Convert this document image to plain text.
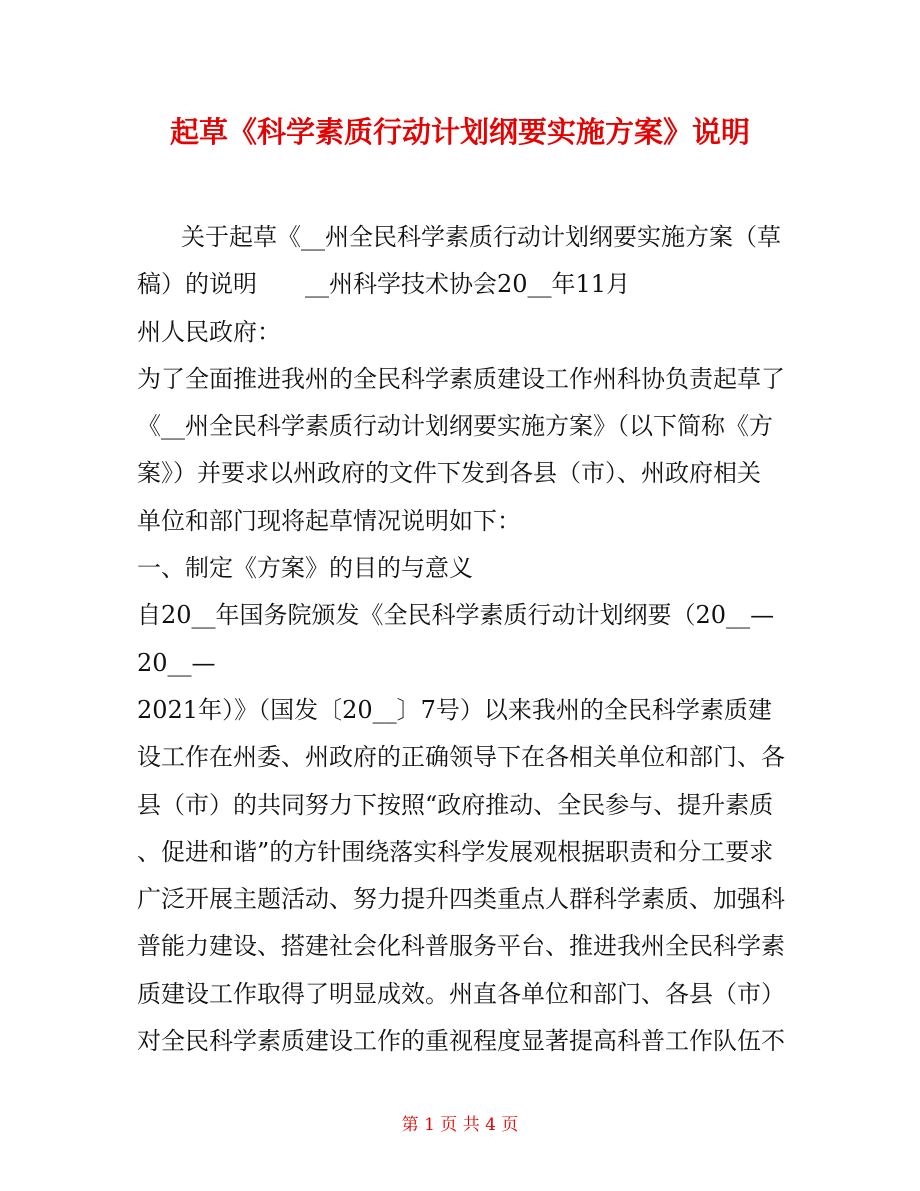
起草《科学素质行动计划纲要实施方案》说明
关于起草《__州全民科学素质行动计划纲要实施方案（草
稿）的说明 __州科学技术协会20__年11月
州人民政府：
为了全面推进我州的全民科学素质建设工作州科协负责起草了
《__州全民科学素质行动计划纲要实施方案》（以下简称《方
案》）并要求以州政府的文件下发到各县（市）、州政府相关
单位和部门现将起草情况说明如下：
一、制定《方案》的目的与意义
自20__年国务院颁发《全民科学素质行动计划纲要（20__—
20__—
2021年）》（国发〔20__〕7号）以来我州的全民科学素质建
设工作在州委、州政府的正确领导下在各相关单位和部门、各
县（市）的共同努力下按照“政府推动、全民参与、提升素质
、促进和谐”的方针围绕落实科学发展观根据职责和分工要求
广泛开展主题活动、努力提升四类重点人群科学素质、加强科
普能力建设、搭建社会化科普服务平台、推进我州全民科学素
质建设工作取得了明显成效。州直各单位和部门、各县（市）
对全民科学素质建设工作的重视程度显著提高科普工作队伍不
第 1 页 共 4 页
